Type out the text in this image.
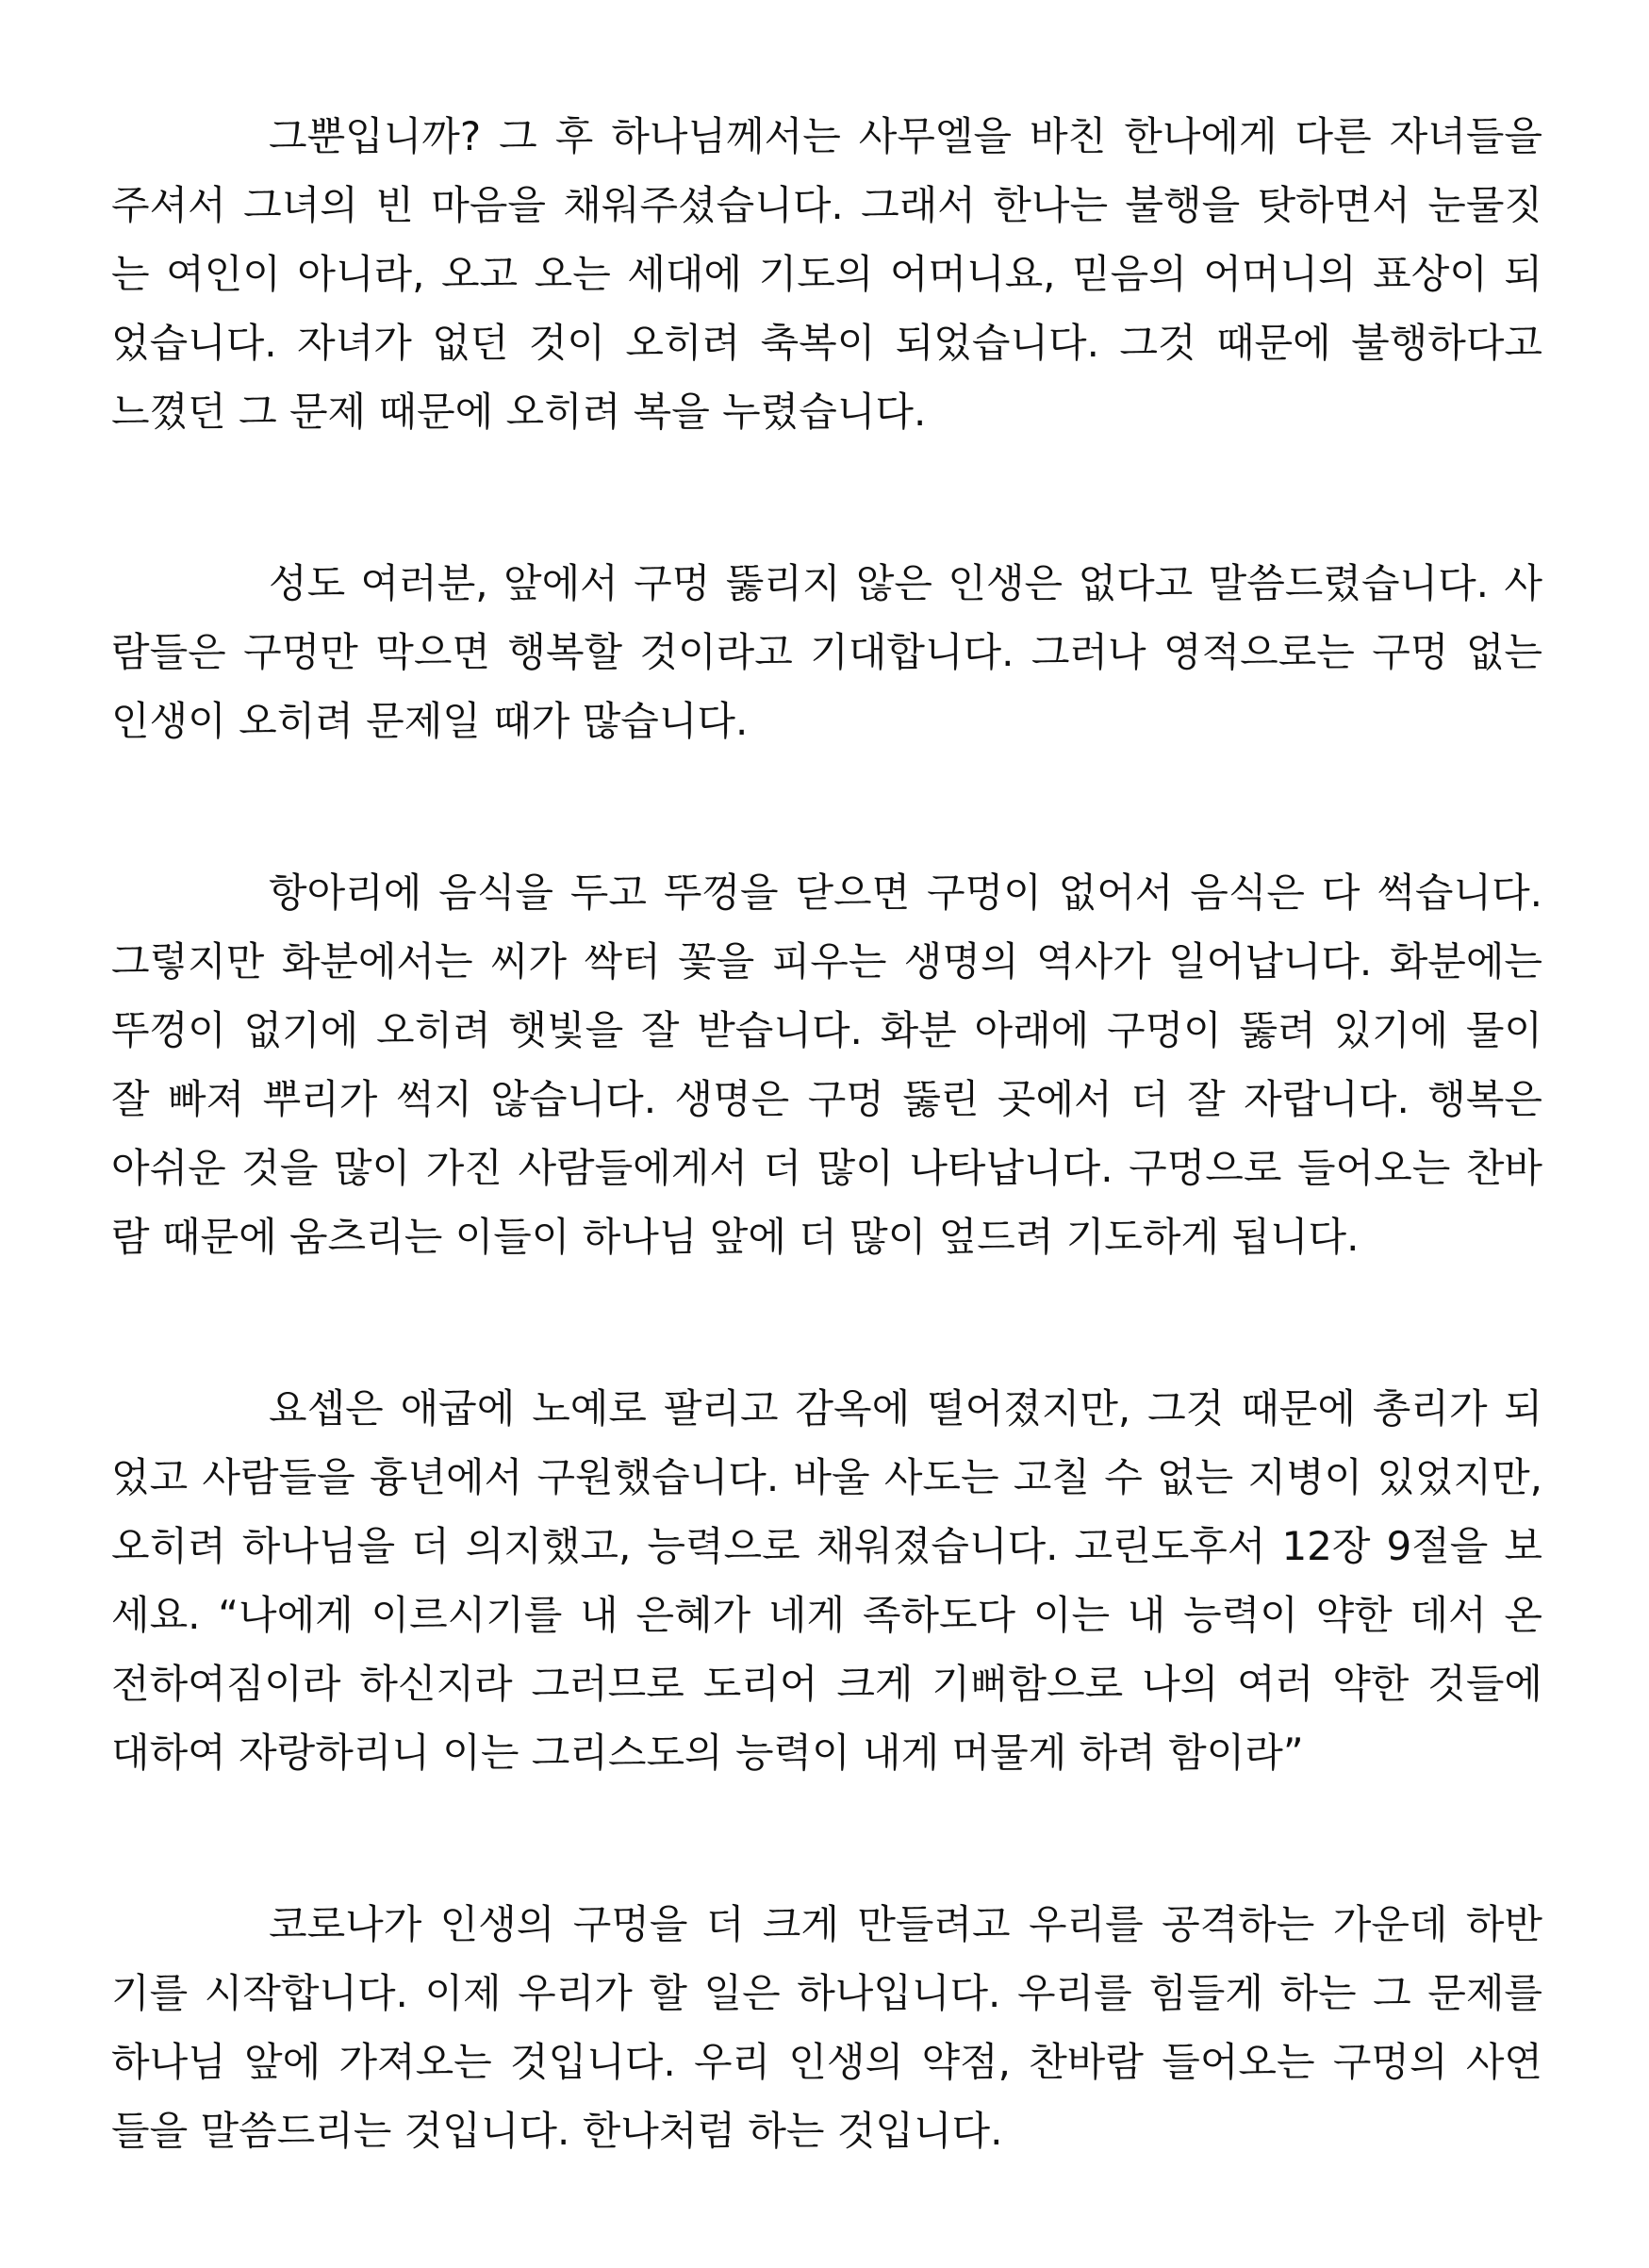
그뿐입니까? 그 후 하나님께서는 사무엘을 바친 한나에게 다른 자녀들을
주셔서 그녀의 빈 마음을 채워주셨습니다. 그래서 한나는 불행을 탓하면서 눈물짓
는 여인이 아니라, 오고 오는 세대에 기도의 어머니요, 믿음의 어머니의 표상이 되
었습니다. 자녀가 없던 것이 오히려 축복이 되었습니다. 그것 때문에 불행하다고
느꼈던 그 문제 때문에 오히려 복을 누렸습니다.
성도 여러분, 앞에서 구멍 뚫리지 않은 인생은 없다고 말씀드렸습니다. 사
람들은 구멍만 막으면 행복할 것이라고 기대합니다. 그러나 영적으로는 구멍 없는
인생이 오히려 문제일 때가 많습니다.
항아리에 음식을 두고 뚜껑을 닫으면 구멍이 없어서 음식은 다 썩습니다.
그렇지만 화분에서는 씨가 싹터 꽃을 피우는 생명의 역사가 일어납니다. 화분에는
뚜껑이 없기에 오히려 햇빛을 잘 받습니다. 화분 아래에 구멍이 뚫려 있기에 물이
잘 빠져 뿌리가 썩지 않습니다. 생명은 구멍 뚫린 곳에서 더 잘 자랍니다. 행복은
아쉬운 것을 많이 가진 사람들에게서 더 많이 나타납니다. 구멍으로 들어오는 찬바
람 때문에 움츠리는 이들이 하나님 앞에 더 많이 엎드려 기도하게 됩니다.
요셉은 애굽에 노예로 팔리고 감옥에 떨어졌지만, 그것 때문에 총리가 되
었고 사람들을 흉년에서 구원했습니다. 바울 사도는 고칠 수 없는 지병이 있었지만,
오히려 하나님을 더 의지했고, 능력으로 채워졌습니다. 고린도후서 12장 9절을 보
세요. “나에게 이르시기를 내 은혜가 네게 족하도다 이는 내 능력이 약한 데서 온
전하여짐이라 하신지라 그러므로 도리어 크게 기뻐함으로 나의 여러 약한 것들에
대하여 자랑하리니 이는 그리스도의 능력이 내게 머물게 하려 함이라”
코로나가 인생의 구멍을 더 크게 만들려고 우리를 공격하는 가운데 하반
기를 시작합니다. 이제 우리가 할 일은 하나입니다. 우리를 힘들게 하는 그 문제를
하나님 앞에 가져오는 것입니다. 우리 인생의 약점, 찬바람 들어오는 구멍의 사연
들을 말씀드리는 것입니다. 한나처럼 하는 것입니다.
